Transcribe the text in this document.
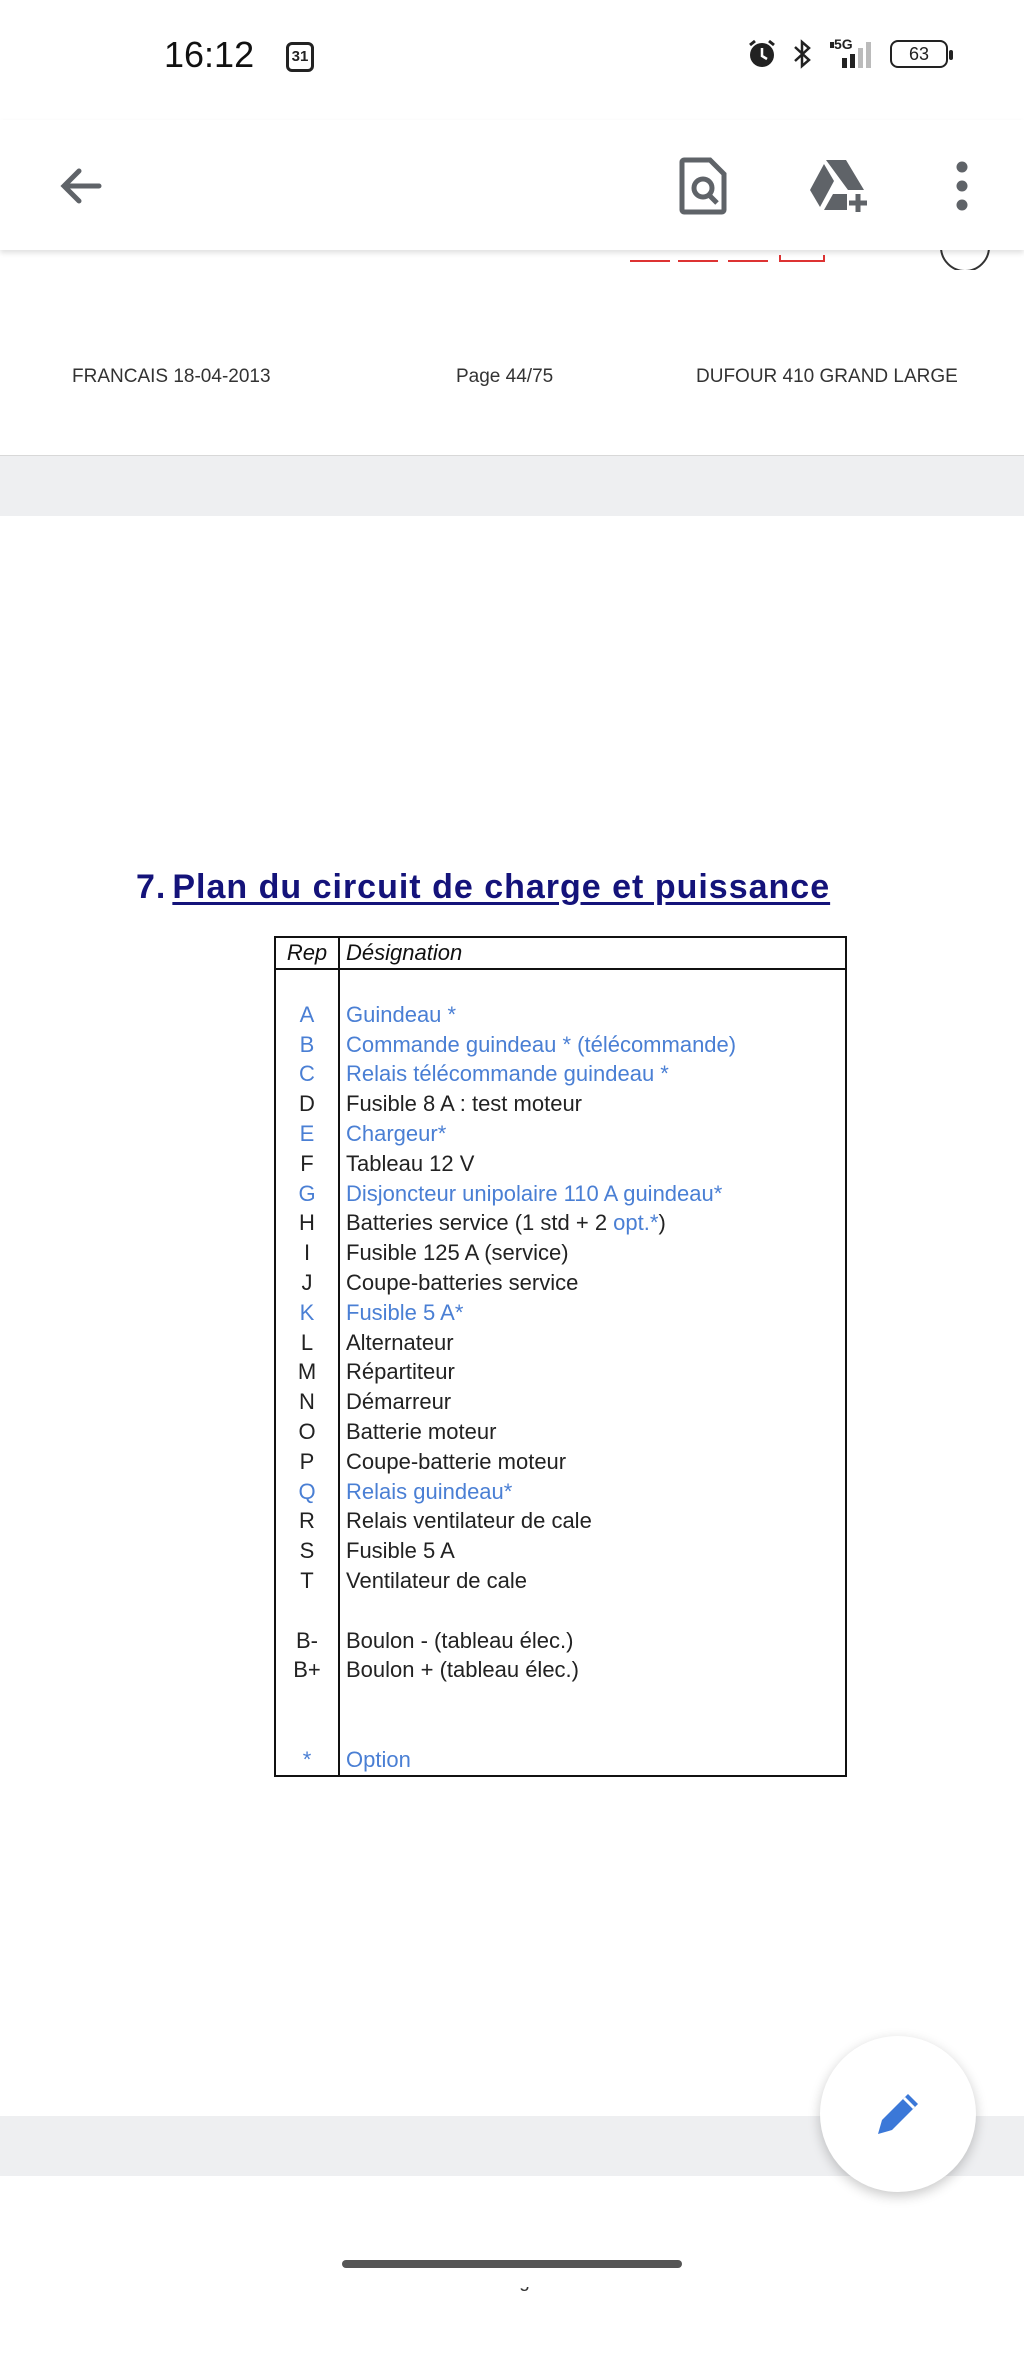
16:12	31
5G	63
FRANCAIS 18-04-2013	Page 44/75	DUFOUR 410 GRAND LARGE
7. Plan du circuit de charge et puissance
Rep	Désignation

A	Guindeau *
B	Commande guindeau * (télécommande)
C	Relais télécommande guindeau *
D	Fusible 8 A : test moteur
E	Chargeur*
F	Tableau 12 V
G	Disjoncteur unipolaire 110 A guindeau*
H	Batteries service (1 std + 2 opt.*)
I	Fusible 125 A (service)
J	Coupe-batteries service
K	Fusible 5 A*
L	Alternateur
M	Répartiteur
N	Démarreur
O	Batterie moteur
P	Coupe-batterie moteur
Q	Relais guindeau*
R	Relais ventilateur de cale
S	Fusible 5 A
T	Ventilateur de cale

B-	Boulon - (tableau élec.)
B+	Boulon + (tableau élec.)

*	Option
